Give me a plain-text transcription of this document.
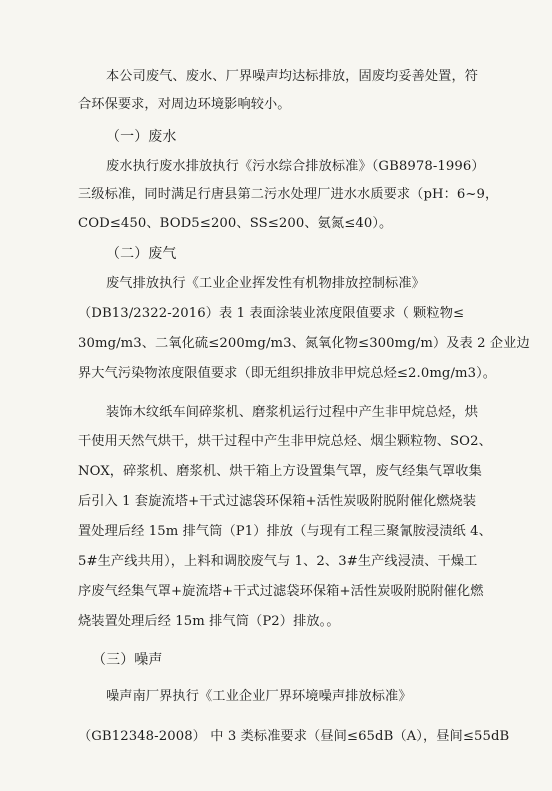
本公司废气、废水、厂界噪声均达标排放，固废均妥善处置，符
合环保要求，对周边环境影响较小。
（一）废水
废水执行废水排放执行《污水综合排放标准》（GB8978-1996）
三级标准，同时满足行唐县第二污水处理厂进水水质要求（pH：6~9，
COD≤450、BOD5≤200、SS≤200、氨氮≤40）。
（二）废气
废气排放执行《工业企业挥发性有机物排放控制标准》
（DB13/2322-2016）表 1 表面涂装业浓度限值要求（ 颗粒物≤
30mg/m3、二氧化硫≤200mg/m3、氮氧化物≤300mg/m）及表 2 企业边
界大气污染物浓度限值要求（即无组织排放非甲烷总烃≤2.0mg/m3）。
装饰木纹纸车间碎浆机、磨浆机运行过程中产生非甲烷总烃，烘
干使用天然气烘干，烘干过程中产生非甲烷总烃、烟尘颗粒物、SO2、
NOX，碎浆机、磨浆机、烘干箱上方设置集气罩，废气经集气罩收集
后引入 1 套旋流塔+干式过滤袋环保箱+活性炭吸附脱附催化燃烧装
置处理后经 15m 排气筒（P1）排放（与现有工程三聚氰胺浸渍纸 4、
5#生产线共用），上料和调胶废气与 1、2、3#生产线浸渍、干燥工
序废气经集气罩+旋流塔+干式过滤袋环保箱+活性炭吸附脱附催化燃
烧装置处理后经 15m 排气筒（P2）排放。。
（三）噪声
噪声南厂界执行《工业企业厂界环境噪声排放标准》
（GB12348-2008） 中 3 类标准要求（昼间≤65dB（A），昼间≤55dB
